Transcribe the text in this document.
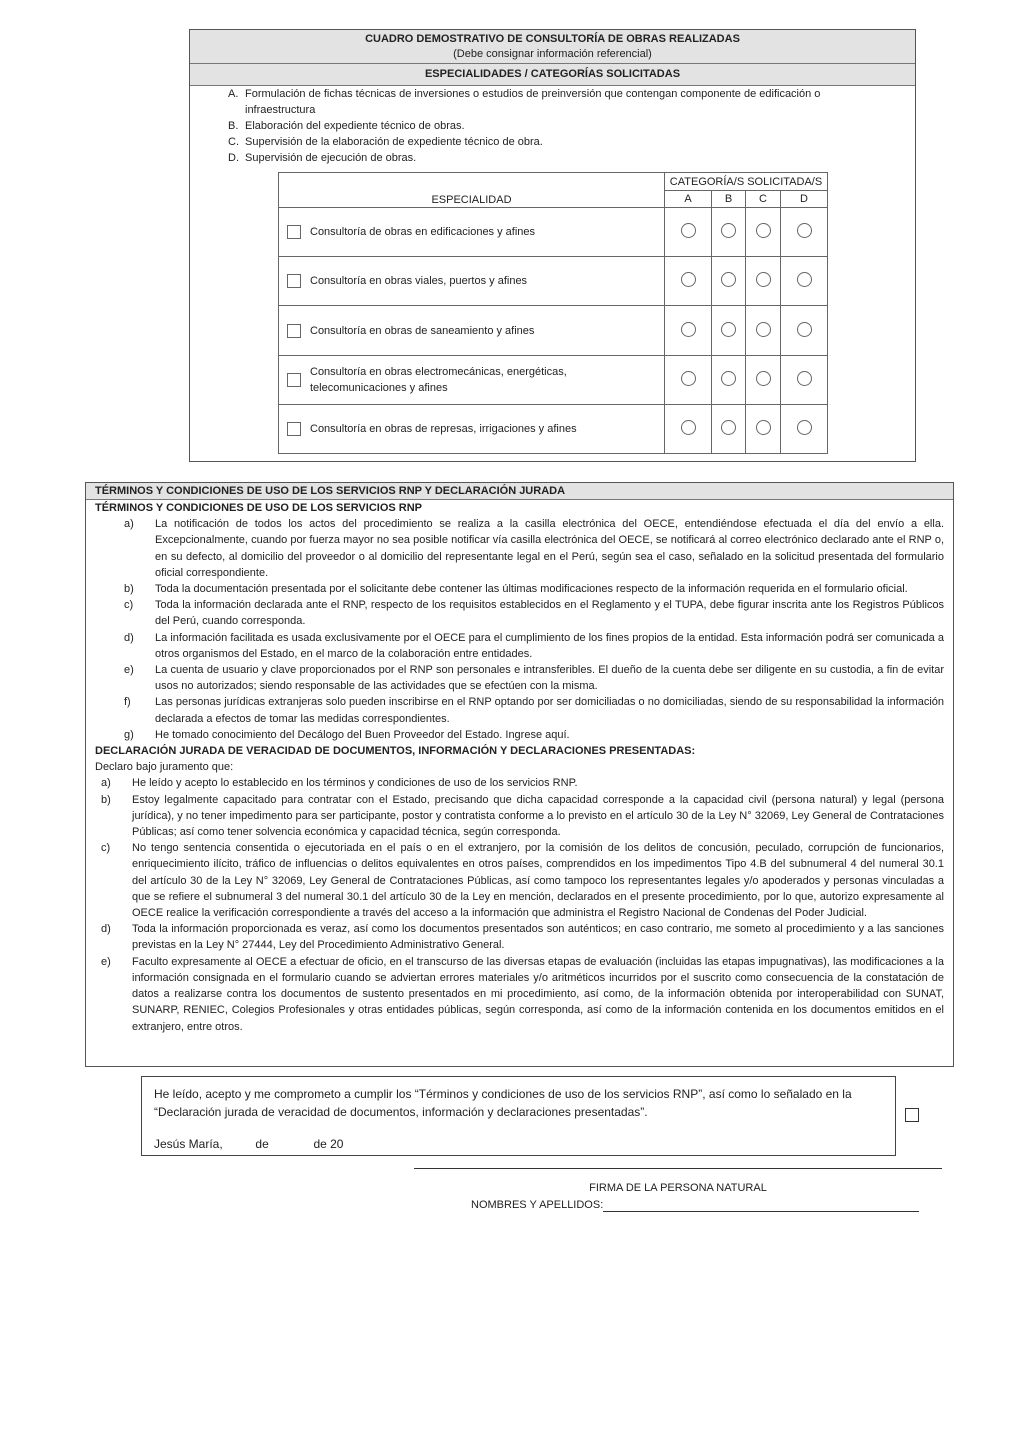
CUADRO DEMOSTRATIVO DE CONSULTORÍA DE OBRAS REALIZADAS
(Debe consignar información referencial)
ESPECIALIDADES / CATEGORÍAS SOLICITADAS
A. Formulación de fichas técnicas de inversiones o estudios de preinversión que contengan componente de edificación o infraestructura
B. Elaboración del expediente técnico de obras.
C. Supervisión de la elaboración de expediente técnico de obra.
D. Supervisión de ejecución de obras.
ESPECIALIDAD	CATEGORÍA/S SOLICITADA/S			
	A	B	C	D
Consultoría de obras en edificaciones y afines				
Consultoría en obras viales, puertos y afines				
Consultoría en obras de saneamiento y afines				
Consultoría en obras electromecánicas, energéticas, telecomunicaciones y afines				
Consultoría en obras de represas, irrigaciones y afines				
TÉRMINOS Y CONDICIONES DE USO DE LOS SERVICIOS RNP Y DECLARACIÓN JURADA
TÉRMINOS Y CONDICIONES DE USO DE LOS SERVICIOS RNP
a)	La notificación de todos los actos del procedimiento se realiza a la casilla electrónica del OECE, entendiéndose efectuada el día del envío a ella. Excepcionalmente, cuando por fuerza mayor no sea posible notificar vía casilla electrónica del OECE, se notificará al correo electrónico declarado ante el RNP o, en su defecto, al domicilio del proveedor o al domicilio del representante legal en el Perú, según sea el caso, señalado en la solicitud presentada del formulario oficial correspondiente.
b)	Toda la documentación presentada por el solicitante debe contener las últimas modificaciones respecto de la información requerida en el formulario oficial.
c)	Toda la información declarada ante el RNP, respecto de los requisitos establecidos en el Reglamento y el TUPA, debe figurar inscrita ante los Registros Públicos del Perú, cuando corresponda.
d)	La información facilitada es usada exclusivamente por el OECE para el cumplimiento de los fines propios de la entidad. Esta información podrá ser comunicada a otros organismos del Estado, en el marco de la colaboración entre entidades.
e)	La cuenta de usuario y clave proporcionados por el RNP son personales e intransferibles. El dueño de la cuenta debe ser diligente en su custodia, a fin de evitar usos no autorizados; siendo responsable de las actividades que se efectúen con la misma.
f)	Las personas jurídicas extranjeras solo pueden inscribirse en el RNP optando por ser domiciliadas o no domiciliadas, siendo de su responsabilidad la información declarada a efectos de tomar las medidas correspondientes.
g)	He tomado conocimiento del Decálogo del Buen Proveedor del Estado. Ingrese aquí.
DECLARACIÓN JURADA DE VERACIDAD DE DOCUMENTOS, INFORMACIÓN Y DECLARACIONES PRESENTADAS:
Declaro bajo juramento que:
a)	He leído y acepto lo establecido en los términos y condiciones de uso de los servicios RNP.
b)	Estoy legalmente capacitado para contratar con el Estado, precisando que dicha capacidad corresponde a la capacidad civil (persona natural) y legal (persona jurídica), y no tener impedimento para ser participante, postor y contratista conforme a lo previsto en el artículo 30 de la Ley N° 32069, Ley General de Contrataciones Públicas; así como tener solvencia económica y capacidad técnica, según corresponda.
c)	No tengo sentencia consentida o ejecutoriada en el país o en el extranjero, por la comisión de los delitos de concusión, peculado, corrupción de funcionarios, enriquecimiento ilícito, tráfico de influencias o delitos equivalentes en otros países, comprendidos en los impedimentos Tipo 4.B del subnumeral 4 del numeral 30.1 del artículo 30 de la Ley N° 32069, Ley General de Contrataciones Públicas, así como tampoco los representantes legales y/o apoderados y personas vinculadas a que se refiere el subnumeral 3 del numeral 30.1 del artículo 30 de la Ley en mención, declarados en el presente procedimiento, por lo que, autorizo expresamente al OECE realice la verificación correspondiente a través del acceso a la información que administra el Registro Nacional de Condenas del Poder Judicial.
d)	Toda la información proporcionada es veraz, así como los documentos presentados son auténticos; en caso contrario, me someto al procedimiento y a las sanciones previstas en la Ley N° 27444, Ley del Procedimiento Administrativo General.
e)	Faculto expresamente al OECE a efectuar de oficio, en el transcurso de las diversas etapas de evaluación (incluidas las etapas impugnativas), las modificaciones a la información consignada en el formulario cuando se adviertan errores materiales y/o aritméticos incurridos por el suscrito como consecuencia de la constatación de datos a realizarse contra los documentos de sustento presentados en mi procedimiento, así como, de la información obtenida por interoperabilidad con SUNAT, SUNARP, RENIEC, Colegios Profesionales y otras entidades públicas, según corresponda, así como de la información contenida en los documentos emitidos en el extranjero, entre otros.
He leído, acepto y me comprometo a cumplir los “Términos y condiciones de uso de los servicios RNP”, así como lo señalado en la “Declaración jurada de veracidad de documentos, información y declaraciones presentadas”.
Jesús María,	de	de 20
FIRMA DE LA PERSONA NATURAL
NOMBRES Y APELLIDOS:
